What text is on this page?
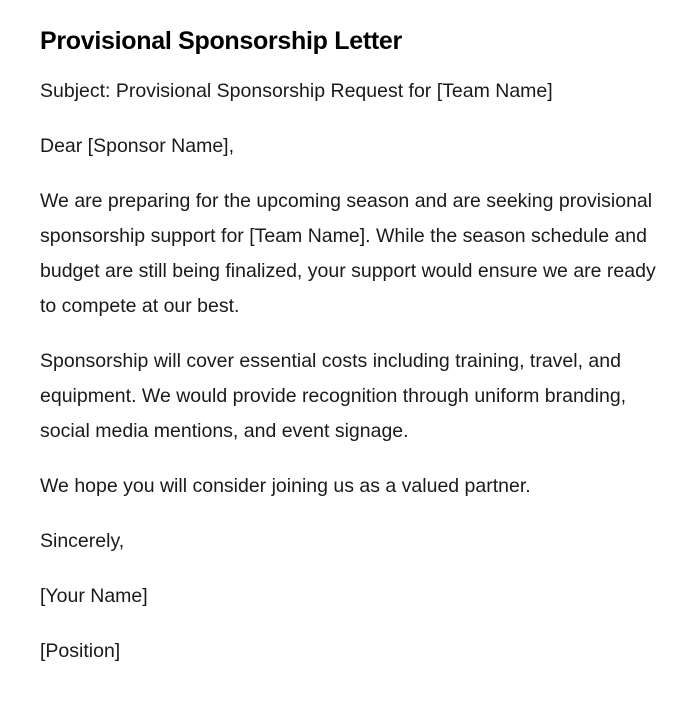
Provisional Sponsorship Letter

Subject: Provisional Sponsorship Request for [Team Name]

Dear [Sponsor Name],

We are preparing for the upcoming season and are seeking provisional sponsorship support for [Team Name]. While the season schedule and budget are still being finalized, your support would ensure we are ready to compete at our best.

Sponsorship will cover essential costs including training, travel, and equipment. We would provide recognition through uniform branding, social media mentions, and event signage.

We hope you will consider joining us as a valued partner.

Sincerely,

[Your Name]

[Position]
